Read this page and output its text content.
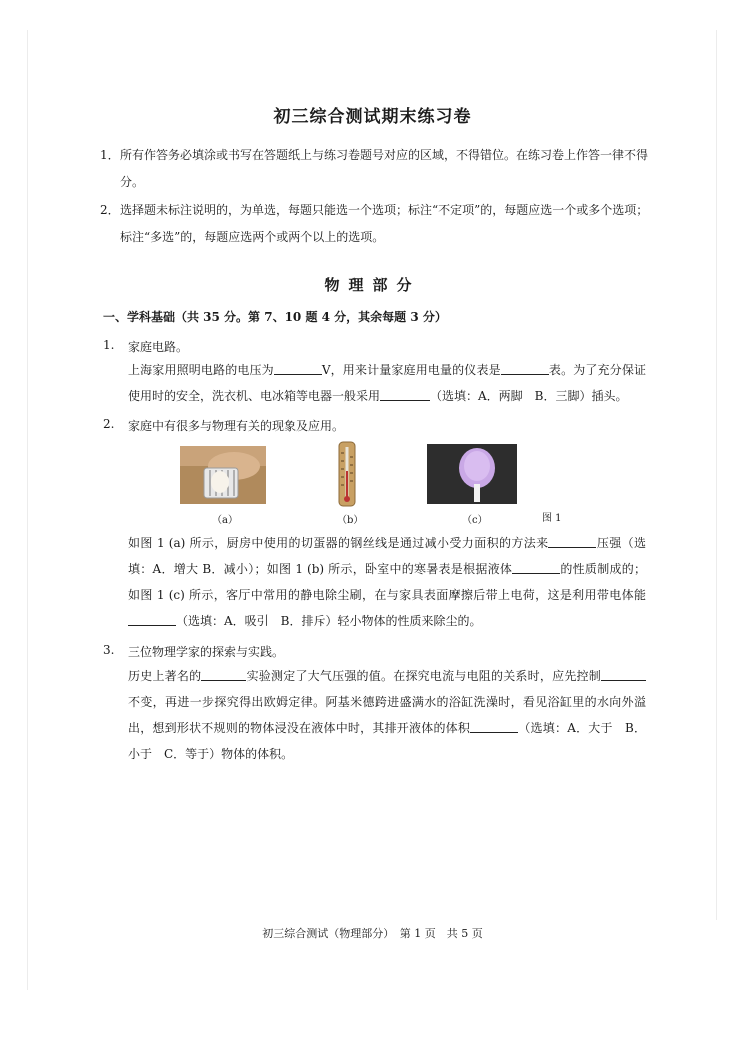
初三综合测试期末练习卷
1． 所有作答务必填涂或书写在答题纸上与练习卷题号对应的区域，不得错位。在练习卷上作答一律不得分。
2． 选择题未标注说明的，为单选，每题只能选一个选项；标注“不定项”的，每题应选一个或多个选项；标注“多选”的，每题应选两个或两个以上的选项。
物理部分
一、学科基础（共 35 分。第 7、10 题 4 分，其余每题 3 分）
1. 家庭电路。
上海家用照明电路的电压为	V，用来计量家庭用电量的仪表是	表。为了充分保证使用时的安全，洗衣机、电冰箱等电器一般采用	（选填：A．两脚　B．三脚）插头。
2. 家庭中有很多与物理有关的现象及应用。
（a）	（b）	（c）	图 1
如图 1 (a) 所示，厨房中使用的切蛋器的钢丝线是通过减小受力面积的方法来	压强（选填：A．增大 B．减小）；如图 1 (b) 所示，卧室中的寒暑表是根据液体	的性质制成的；如图 1 (c) 所示，客厅中常用的静电除尘刷，在与家具表面摩擦后带上电荷，这是利用带电体能（选填：A．吸引　B．排斥）轻小物体的性质来除尘的。
3. 三位物理学家的探索与实践。
历史上著名的	实验测定了大气压强的值。在探究电流与电阻的关系时，应先控制不变，再进一步探究得出欧姆定律。阿基米德跨进盛满水的浴缸洗澡时，看见浴缸里的水向外溢出，想到形状不规则的物体浸没在液体中时，其排开液体的体积	（选填：A．大于　B．小于　C．等于）物体的体积。
初三综合测试（物理部分）　第 1 页　共 5 页
